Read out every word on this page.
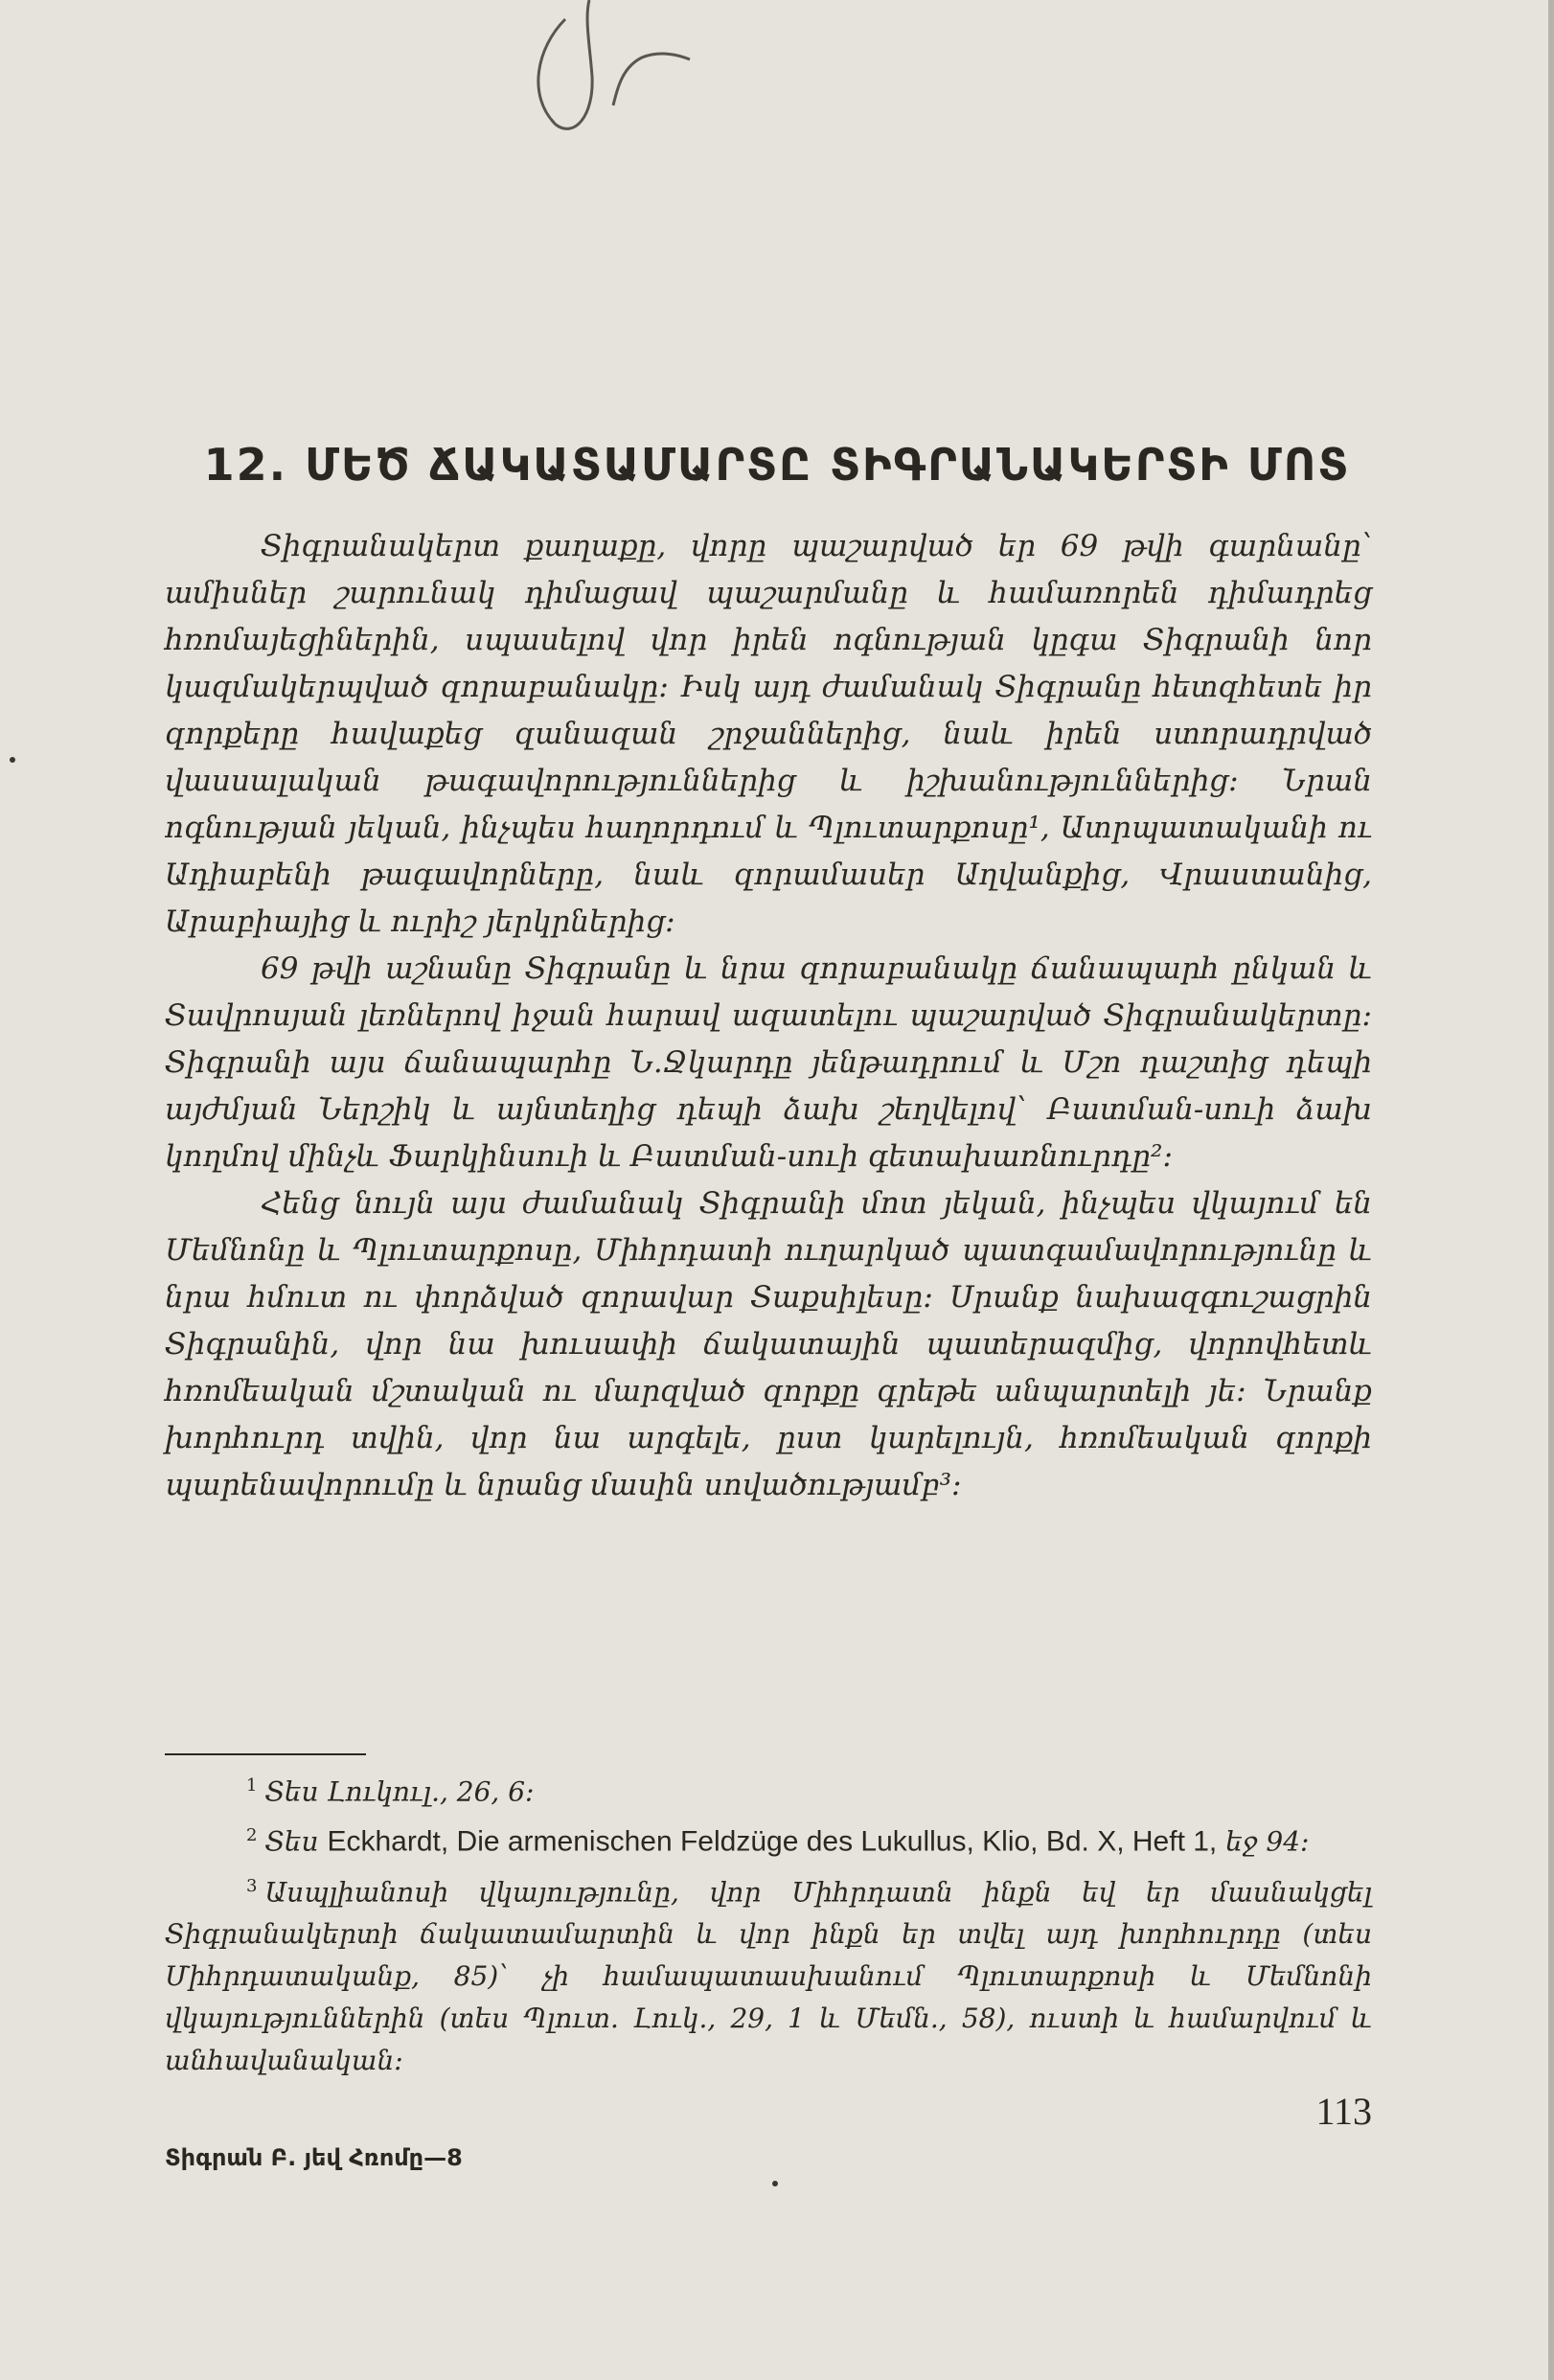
12. ՄԵԾ ՃԱԿԱՏԱՄԱՐՏԸ ՏԻԳՐԱՆԱԿԵՐՏԻ ՄՈՏ

Տիգրանակերտ քաղաքը, վորը պաշարված եր 69 թվի գարնանը՝ ամիսներ շարունակ դիմացավ պաշարմանը և համառորեն դիմադրեց հռոմայեցիներին, սպասելով վոր իրեն ոգնության կըգա Տիգրանի նոր կազմակերպված զորաբանակը։ Իսկ այդ ժամանակ Տիգրանը հետզհետե իր զորքերը հավաքեց զանազան շրջաններից, նաև իրեն ստորադրված վասսալական թագավորություններից և իշխանություններից։ Նրան ոգնության յեկան, ինչպես հաղորդում և Պլուտարքոսը¹, Ատրպատականի ու Ադիաբենի թագավորները, նաև զորամասեր Աղվանքից, Վրաստանից, Արաբիայից և ուրիշ յերկրներից։

69 թվի աշնանը Տիգրանը և նրա զորաբանակը ճանապարհ ընկան և Տավրոսյան լեռներով իջան հարավ ազատելու պաշարված Տիգրանակերտը։ Տիգրանի այս ճանապարհը Ն.Ջկարդը յենթադրում և Մշո դաշտից դեպի այժմյան Ներշիկ և այնտեղից դեպի ձախ շեղվելով՝ Բատման-սուի ձախ կողմով մինչև Ֆարկինսուի և Բատման-սուի գետախառնուրդը²։

Հենց նույն այս ժամանակ Տիգրանի մոտ յեկան, ինչպես վկայում են Մեմնոնը և Պլուտարքոսը, Միհրդատի ուղարկած պատգամավորությունը և նրա հմուտ ու փորձված զորավար Տաքսիլեսը։ Սրանք նախազգուշացրին Տիգրանին, վոր նա խուսափի ճակատային պատերազմից, վորովհետև հռոմեական մշտական ու մարզված զորքը գրեթե անպարտելի յե։ Նրանք խորհուրդ տվին, վոր նա արգելե, ըստ կարելույն, հռոմեական զորքի պարենավորումը և նրանց մասին սովածությամբ³։

$^1$ Տես Լուկուլ., 26, 6։

$^2$ Տես Eckhardt, Die armenischen Feldzüge des Lukullus, Klio, Bd. X, Heft 1, եջ 94։

$^3$ Ասպլիանոսի վկայությունը, վոր Միհրդատն ինքն եվ եր մասնակցել Տիգրանակերտի ճակատամարտին և վոր ինքն եր տվել այդ խորհուրդը (տես Միհրդատականք, 85)՝ չի համապատասխանում Պլուտարքոսի և Մեմնոնի վկայություններին (տես Պլուտ. Լուկ., 29, 1 և Մեմն., 58), ուստի և համարվում և անհավանական։

113
Տիգրան Բ. յեվ Հռոմը—8
